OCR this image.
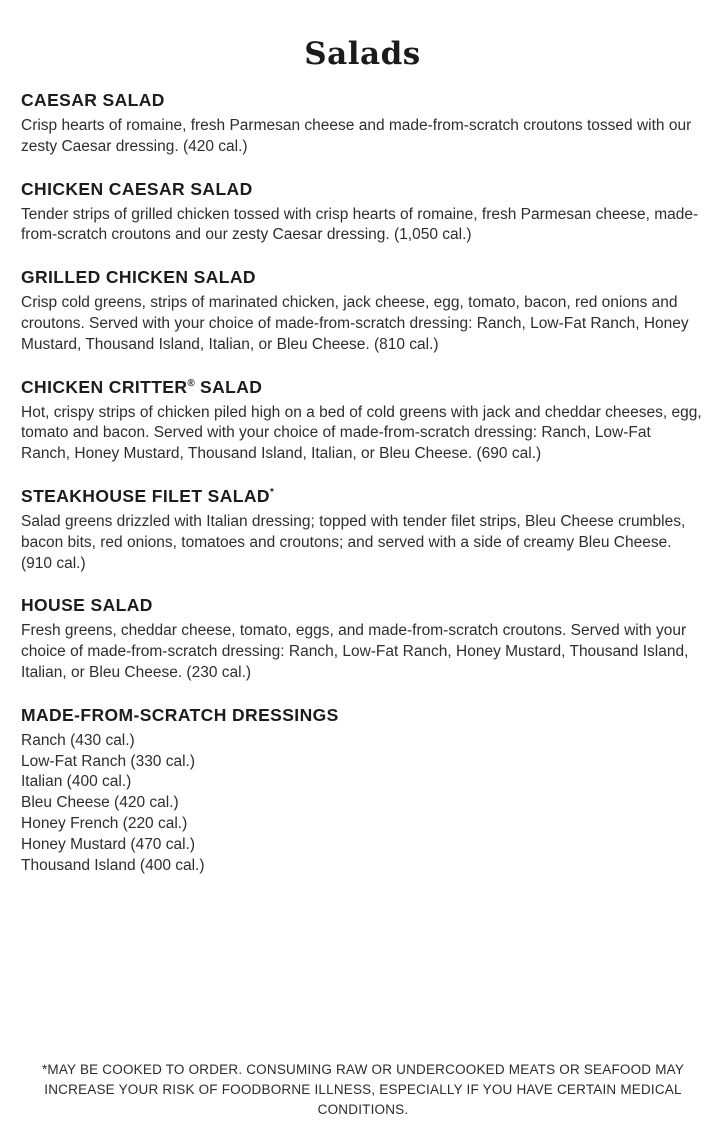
Salads
CAESAR SALAD

Crisp hearts of romaine, fresh Parmesan cheese and made-from-scratch croutons tossed with our zesty Caesar dressing. (420 cal.)

CHICKEN CAESAR SALAD

Tender strips of grilled chicken tossed with crisp hearts of romaine, fresh Parmesan cheese, made-from-scratch croutons and our zesty Caesar dressing. (1,050 cal.)

GRILLED CHICKEN SALAD

Crisp cold greens, strips of marinated chicken, jack cheese, egg, tomato, bacon, red onions and croutons. Served with your choice of made-from-scratch dressing: Ranch, Low-Fat Ranch, Honey Mustard, Thousand Island, Italian, or Bleu Cheese. (810 cal.)

CHICKEN CRITTER® SALAD

Hot, crispy strips of chicken piled high on a bed of cold greens with jack and cheddar cheeses, egg, tomato and bacon. Served with your choice of made-from-scratch dressing: Ranch, Low-Fat Ranch, Honey Mustard, Thousand Island, Italian, or Bleu Cheese. (690 cal.)

STEAKHOUSE FILET SALAD*

Salad greens drizzled with Italian dressing; topped with tender filet strips, Bleu Cheese crumbles, bacon bits, red onions, tomatoes and croutons; and served with a side of creamy Bleu Cheese. (910 cal.)

HOUSE SALAD

Fresh greens, cheddar cheese, tomato, eggs, and made-from-scratch croutons. Served with your choice of made-from-scratch dressing: Ranch, Low-Fat Ranch, Honey Mustard, Thousand Island, Italian, or Bleu Cheese. (230 cal.)

MADE-FROM-SCRATCH DRESSINGS
Ranch (430 cal.)
Low-Fat Ranch (330 cal.)
Italian (400 cal.)
Bleu Cheese (420 cal.)
Honey French (220 cal.)
Honey Mustard (470 cal.)
Thousand Island (400 cal.)

*MAY BE COOKED TO ORDER. CONSUMING RAW OR UNDERCOOKED MEATS OR SEAFOOD MAY INCREASE YOUR RISK OF FOODBORNE ILLNESS, ESPECIALLY IF YOU HAVE CERTAIN MEDICAL CONDITIONS.
